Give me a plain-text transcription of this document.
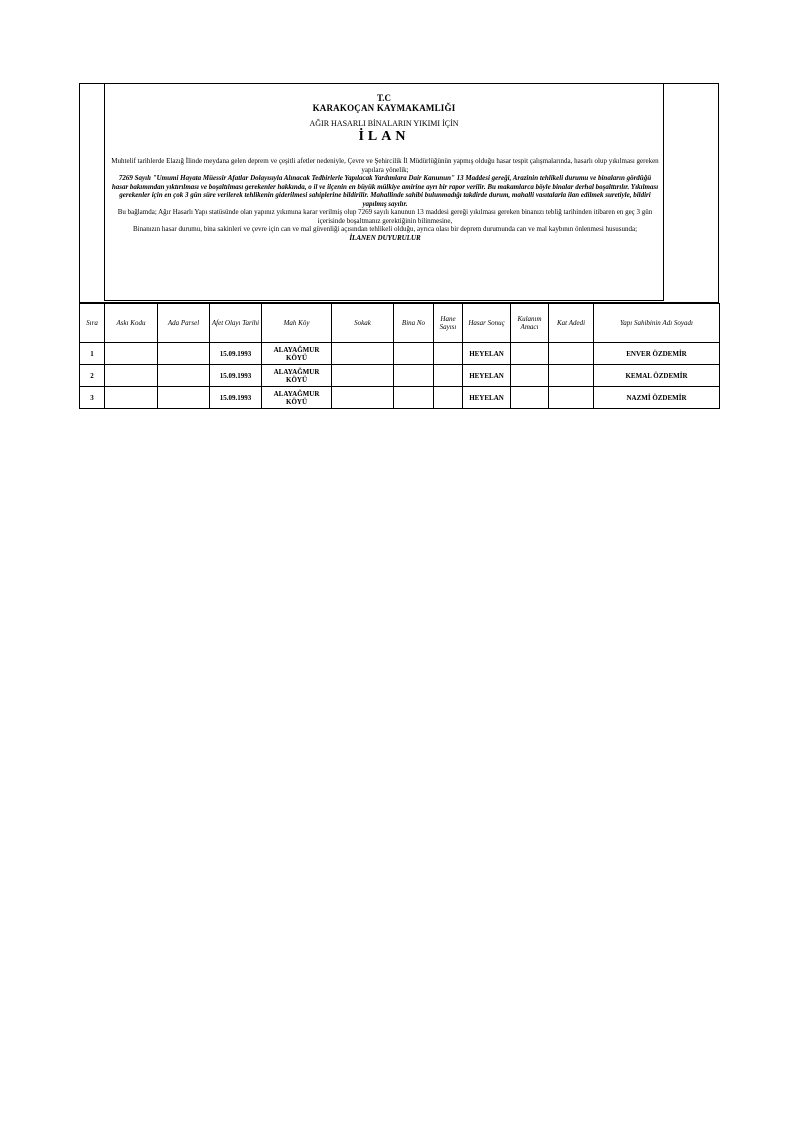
T.C
KARAKOÇAN KAYMAKAMLIĞI
AĞIR HASARLI BİNALARIN YIKIMI İÇİN
İLAN
Muhtelif tarihlerde Elazığ İlinde meydana gelen deprem ve çeşitli afetler nedeniyle, Çevre ve Şehircilik İl Müdürlüğünün yapmış olduğu hasar tespit çalışmalarında, hasarlı olup yıkılması gereken yapılara yönelik;
7269 Sayılı "Umumi Hayata Müessir Afatlar Dolayısıyla Alınacak Tedbirlerle Yapılacak Yardımlara Dair Kanunun" 13 Maddesi gereği, Arazinin tehlikeli durumu ve binaların gördüğü hasar bakımından yıktırılması ve boşaltılması gerekenler hakkında, o il ve ilçenin en büyük mülkiye amirine ayrı bir rapor verilir. Bu makamlarca böyle binalar derhal boşalttırılır. Yıkılması gerekenler için en çok 3 gün süre verilerek tehlikenin giderilmesi sahiplerine bildirilir. Mahallinde sahibi bulunmadığı takdirde durum, mahalli vasıtalarla ilan edilmek suretiyle, bildiri yapılmış sayılır.
Bu bağlamda; Ağır Hasarlı Yapı statüsünde olan yapınız yıkımına karar verilmiş olup 7269 sayılı kanunun 13 maddesi gereği yıkılması gereken binanızı tebliğ tarihinden itibaren en geç 3 gün içerisinde boşaltmanız gerektiğinin bilinmesine,
Binanızın hasar durumu, bina sakinleri ve çevre için can ve mal güvenliği açısından tehlikeli olduğu, ayrıca olası bir deprem durumunda can ve mal kaybının önlenmesi hususunda;
İLANEN DUYURULUR
Sıra	Askı Kodu	Ada Parsel	Afet Olayı Tarihi	Mah Köy	Sokak	Bina No	Hane Sayısı	Hasar Sonuç	Kulanım Amacı	Kat Adedi	Yapı Sahibinin Adı Soyadı
1			15.09.1993	ALAYAĞMUR
KÖYÜ				HEYELAN			ENVER ÖZDEMİR
2			15.09.1993	ALAYAĞMUR
KÖYÜ				HEYELAN			KEMAL ÖZDEMİR
3			15.09.1993	ALAYAĞMUR
KÖYÜ				HEYELAN			NAZMİ ÖZDEMİR
